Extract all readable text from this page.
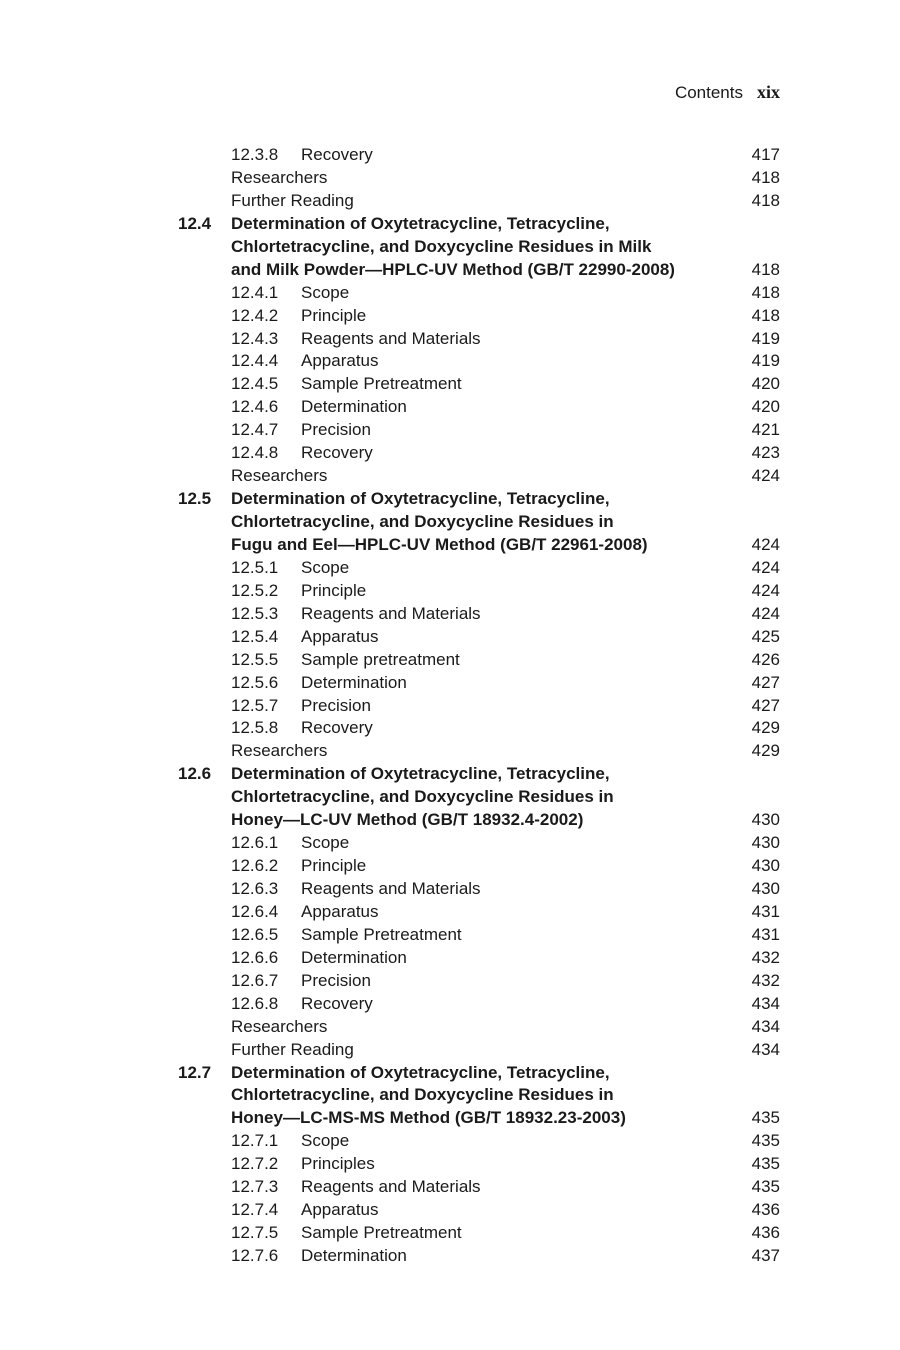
Contents xix
12.3.8 Recovery	417
Researchers	418
Further Reading	418
12.4 Determination of Oxytetracycline, Tetracycline,
Chlortetracycline, and Doxycycline Residues in Milk
and Milk Powder—HPLC-UV Method (GB/T 22990-2008)	418
12.4.1 Scope	418
12.4.2 Principle	418
12.4.3 Reagents and Materials	419
12.4.4 Apparatus	419
12.4.5 Sample Pretreatment	420
12.4.6 Determination	420
12.4.7 Precision	421
12.4.8 Recovery	423
Researchers	424
12.5 Determination of Oxytetracycline, Tetracycline,
Chlortetracycline, and Doxycycline Residues in
Fugu and Eel—HPLC-UV Method (GB/T 22961-2008)	424
12.5.1 Scope	424
12.5.2 Principle	424
12.5.3 Reagents and Materials	424
12.5.4 Apparatus	425
12.5.5 Sample pretreatment	426
12.5.6 Determination	427
12.5.7 Precision	427
12.5.8 Recovery	429
Researchers	429
12.6 Determination of Oxytetracycline, Tetracycline,
Chlortetracycline, and Doxycycline Residues in
Honey—LC-UV Method (GB/T 18932.4-2002)	430
12.6.1 Scope	430
12.6.2 Principle	430
12.6.3 Reagents and Materials	430
12.6.4 Apparatus	431
12.6.5 Sample Pretreatment	431
12.6.6 Determination	432
12.6.7 Precision	432
12.6.8 Recovery	434
Researchers	434
Further Reading	434
12.7 Determination of Oxytetracycline, Tetracycline,
Chlortetracycline, and Doxycycline Residues in
Honey—LC-MS-MS Method (GB/T 18932.23-2003)	435
12.7.1 Scope	435
12.7.2 Principles	435
12.7.3 Reagents and Materials	435
12.7.4 Apparatus	436
12.7.5 Sample Pretreatment	436
12.7.6 Determination	437
